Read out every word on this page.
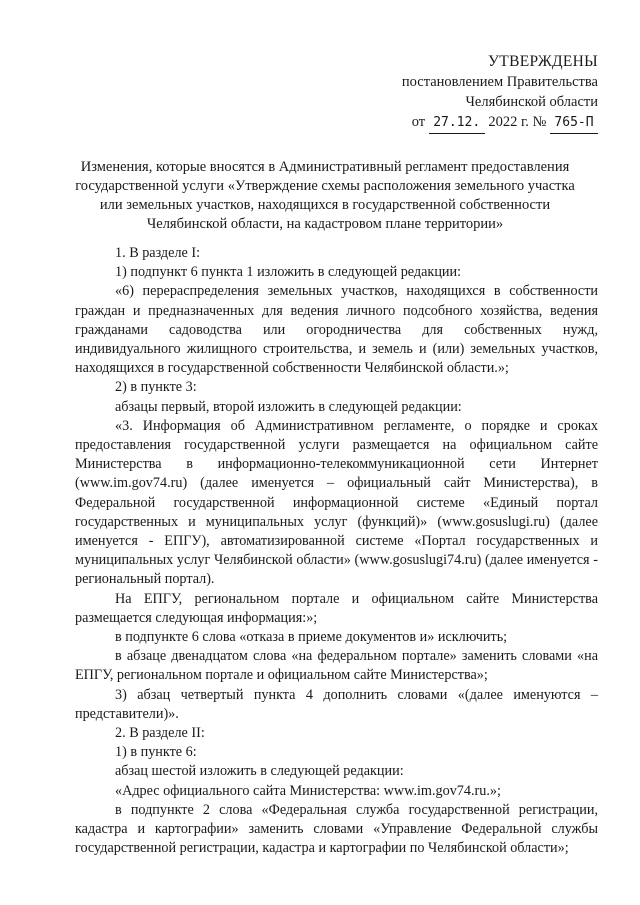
УТВЕРЖДЕНЫ
постановлением Правительства
Челябинской области
от 27.12. 2022 г. № 765-П
Изменения, которые вносятся в Административный регламент предоставления государственной услуги «Утверждение схемы расположения земельного участка или земельных участков, находящихся в государственной собственности Челябинской области, на кадастровом плане территории»

1. В разделе I:

1) подпункт 6 пункта 1 изложить в следующей редакции:

«6) перераспределения земельных участков, находящихся в собственности граждан и предназначенных для ведения личного подсобного хозяйства, ведения гражданами садоводства или огородничества для собственных нужд, индивидуального жилищного строительства, и земель и (или) земельных участков, находящихся в государственной собственности Челябинской области.»;

2) в пункте 3:

абзацы первый, второй изложить в следующей редакции:

«3. Информация об Административном регламенте, о порядке и сроках предоставления государственной услуги размещается на официальном сайте Министерства в информационно-телекоммуникационной сети Интернет (www.im.gov74.ru) (далее именуется – официальный сайт Министерства), в Федеральной государственной информационной системе «Единый портал государственных и муниципальных услуг (функций)» (www.gosuslugi.ru) (далее именуется - ЕПГУ), автоматизированной системе «Портал государственных и муниципальных услуг Челябинской области» (www.gosuslugi74.ru) (далее именуется - региональный портал).

На ЕПГУ, региональном портале и официальном сайте Министерства размещается следующая информация:»;

в подпункте 6 слова «отказа в приеме документов и» исключить;

в абзаце двенадцатом слова «на федеральном портале» заменить словами «на ЕПГУ, региональном портале и официальном сайте Министерства»;

3) абзац четвертый пункта 4 дополнить словами «(далее именуются – представители)».

2. В разделе II:

1) в пункте 6:

абзац шестой изложить в следующей редакции:

«Адрес официального сайта Министерства: www.im.gov74.ru.»;

в подпункте 2 слова «Федеральная служба государственной регистрации, кадастра и картографии» заменить словами «Управление Федеральной службы государственной регистрации, кадастра и картографии по Челябинской области»;
